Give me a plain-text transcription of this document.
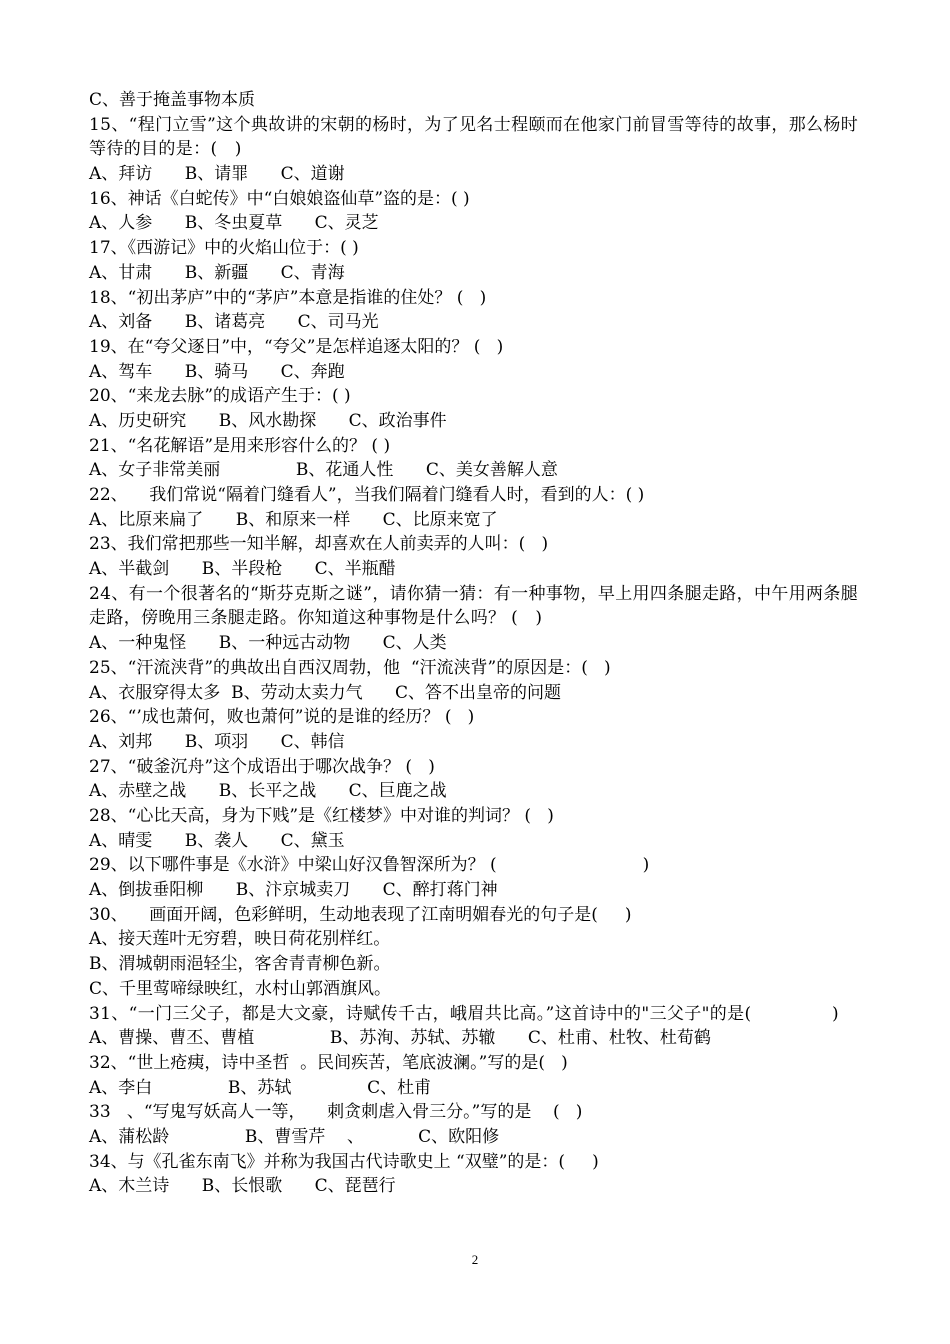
C、善于掩盖事物本质
15、“程门立雪”这个典故讲的宋朝的杨时，为了见名士程颐而在他家门前冒雪等待的故事，那么杨时等待的目的是：(   )
A、拜访      B、请罪      C、道谢
16、神话《白蛇传》中“白娘娘盗仙草”盗的是：( )
A、人参      B、冬虫夏草      C、灵芝
17、《西游记》中的火焰山位于：( )
A、甘肃      B、新疆      C、青海
18、“初出茅庐”中的“茅庐”本意是指谁的住处？ (   )
A、刘备      B、诸葛亮      C、司马光
19、在“夸父逐日”中，“夸父”是怎样追逐太阳的？ (   )
A、驾车      B、骑马      C、奔跑
20、“来龙去脉”的成语产生于：( )
A、历史研究      B、风水勘探      C、政治事件
21、“名花解语”是用来形容什么的？ ( )
A、女子非常美丽              B、花通人性      C、美女善解人意
22、    我们常说“隔着门缝看人”，当我们隔着门缝看人时，看到的人：( )
A、比原来扁了      B、和原来一样      C、比原来宽了
23、我们常把那些一知半解，却喜欢在人前卖弄的人叫：(   )
A、半截剑      B、半段枪      C、半瓶醋
24、有一个很著名的“斯芬克斯之谜”，请你猜一猜：有一种事物，早上用四条腿走路，中午用两条腿走路，傍晚用三条腿走路。你知道这种事物是什么吗？ (   )
A、一种鬼怪      B、一种远古动物      C、人类
25、“汗流浃背”的典故出自西汉周勃，他  “汗流浃背”的原因是：(   )
A、衣服穿得太多  B、劳动太卖力气      C、答不出皇帝的问题
26、“’成也萧何，败也萧何”说的是谁的经历？ (   )
A、刘邦      B、项羽      C、韩信
27、“破釜沉舟”这个成语出于哪次战争？ (   )
A、赤壁之战      B、长平之战      C、巨鹿之战
28、“心比天高，身为下贱”是《红楼梦》中对谁的判词？ (   )
A、晴雯      B、袭人      C、黛玉
29、以下哪件事是《水浒》中梁山好汉鲁智深所为？ (                           )
A、倒拔垂阳柳      B、汴京城卖刀      C、醉打蒋门神
30、    画面开阔，色彩鲜明，生动地表现了江南明媚春光的句子是(     )
A、接天莲叶无穷碧，映日荷花别样红。
B、渭城朝雨浥轻尘，客舍青青柳色新。
C、千里莺啼绿映红，水村山郭酒旗风。
31、“一门三父子，都是大文豪，诗赋传千古，峨眉共比高。”这首诗中的"三父子"的是(              )
A、曹操、曹丕、曹植              B、苏洵、苏轼、苏辙      C、杜甫、杜牧、杜荀鹤
32、“世上疮痍，诗中圣哲  。民间疾苦，笔底波澜。”写的是(   )
A、李白              B、苏轼              C、杜甫
33   、“写鬼写妖高人一等，    刺贪刺虐入骨三分。”写的是    (   )
A、蒲松龄              B、曹雪芹    、          C、欧阳修
34、与《孔雀东南飞》并称为我国古代诗歌史上 “双璧”的是：(     )
A、木兰诗      B、长恨歌      C、琵琶行
2
